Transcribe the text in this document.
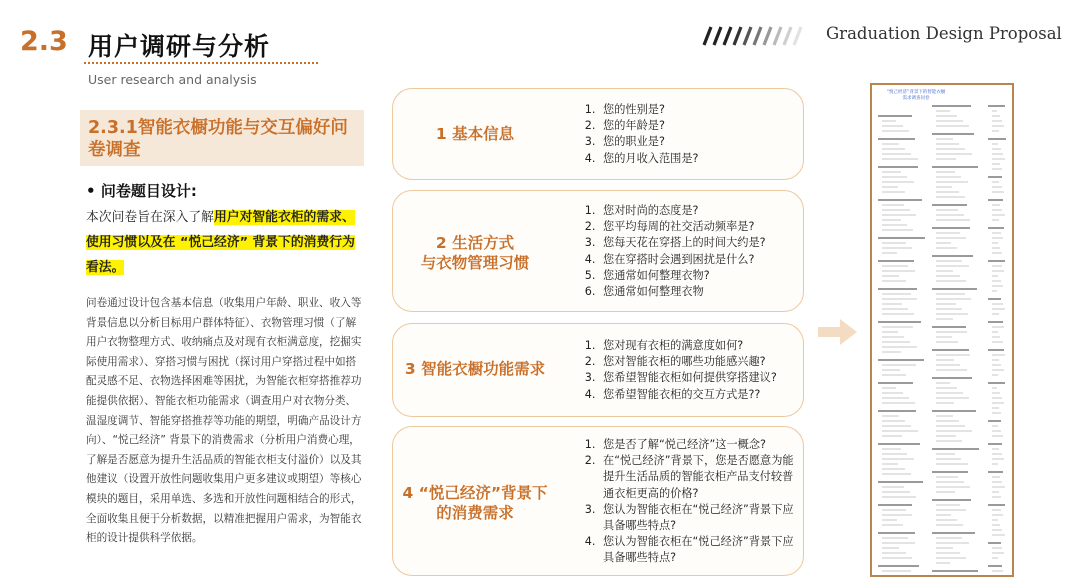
2.3 用户调研与分析
User research and analysis
Graduation Design Proposal
2.3.1智能衣橱功能与交互偏好问卷调查
• 问卷题目设计:
本次问卷旨在深入了解用户对智能衣柜的需求、使用习惯以及在 “悦己经济” 背景下的消费行为看法。
问卷通过设计包含基本信息（收集用户年龄、职业、收入等背景信息以分析目标用户群体特征）、衣物管理习惯（了解用户衣物整理方式、收纳痛点及对现有衣柜满意度，挖掘实际使用需求）、穿搭习惯与困扰（探讨用户穿搭过程中如搭配灵感不足、衣物选择困难等困扰，为智能衣柜穿搭推荐功能提供依据）、智能衣柜功能需求（调查用户对衣物分类、温湿度调节、智能穿搭推荐等功能的期望，明确产品设计方向）、“悦己经济” 背景下的消费需求（分析用户消费心理，了解是否愿意为提升生活品质的智能衣柜支付溢价）以及其他建议（设置开放性问题收集用户更多建议或期望）等核心模块的题目，采用单选、多选和开放性问题相结合的形式，全面收集且便于分析数据，以精准把握用户需求，为智能衣柜的设计提供科学依据。
1 基本信息
1. 您的性别是?
2. 您的年龄是?
3. 您的职业是?
4. 您的月收入范围是?
2 生活方式
与衣物管理习惯
1. 您对时尚的态度是?
2. 您平均每周的社交活动频率是?
3. 您每天花在穿搭上的时间大约是?
4. 您在穿搭时会遇到困扰是什么?
5. 您通常如何整理衣物?
6. 您通常如何整理衣物
3 智能衣橱功能需求
1. 您对现有衣柜的满意度如何?
2. 您对智能衣柜的哪些功能感兴趣?
3. 您希望智能衣柜如何提供穿搭建议?
4. 您希望智能衣柜的交互方式是??
4 “悦己经济”背景下
的消费需求
1. 您是否了解“悦己经济”这一概念?
2. 在“悦己经济”背景下，您是否愿意为能提升生活品质的智能衣柜产品支付较普通衣柜更高的价格?
3. 您认为智能衣柜在“悦己经济”背景下应具备哪些特点?
4. 您认为智能衣柜在“悦己经济”背景下应具备哪些特点?
“悦己经济”背景下的智能衣橱需求调查问卷
